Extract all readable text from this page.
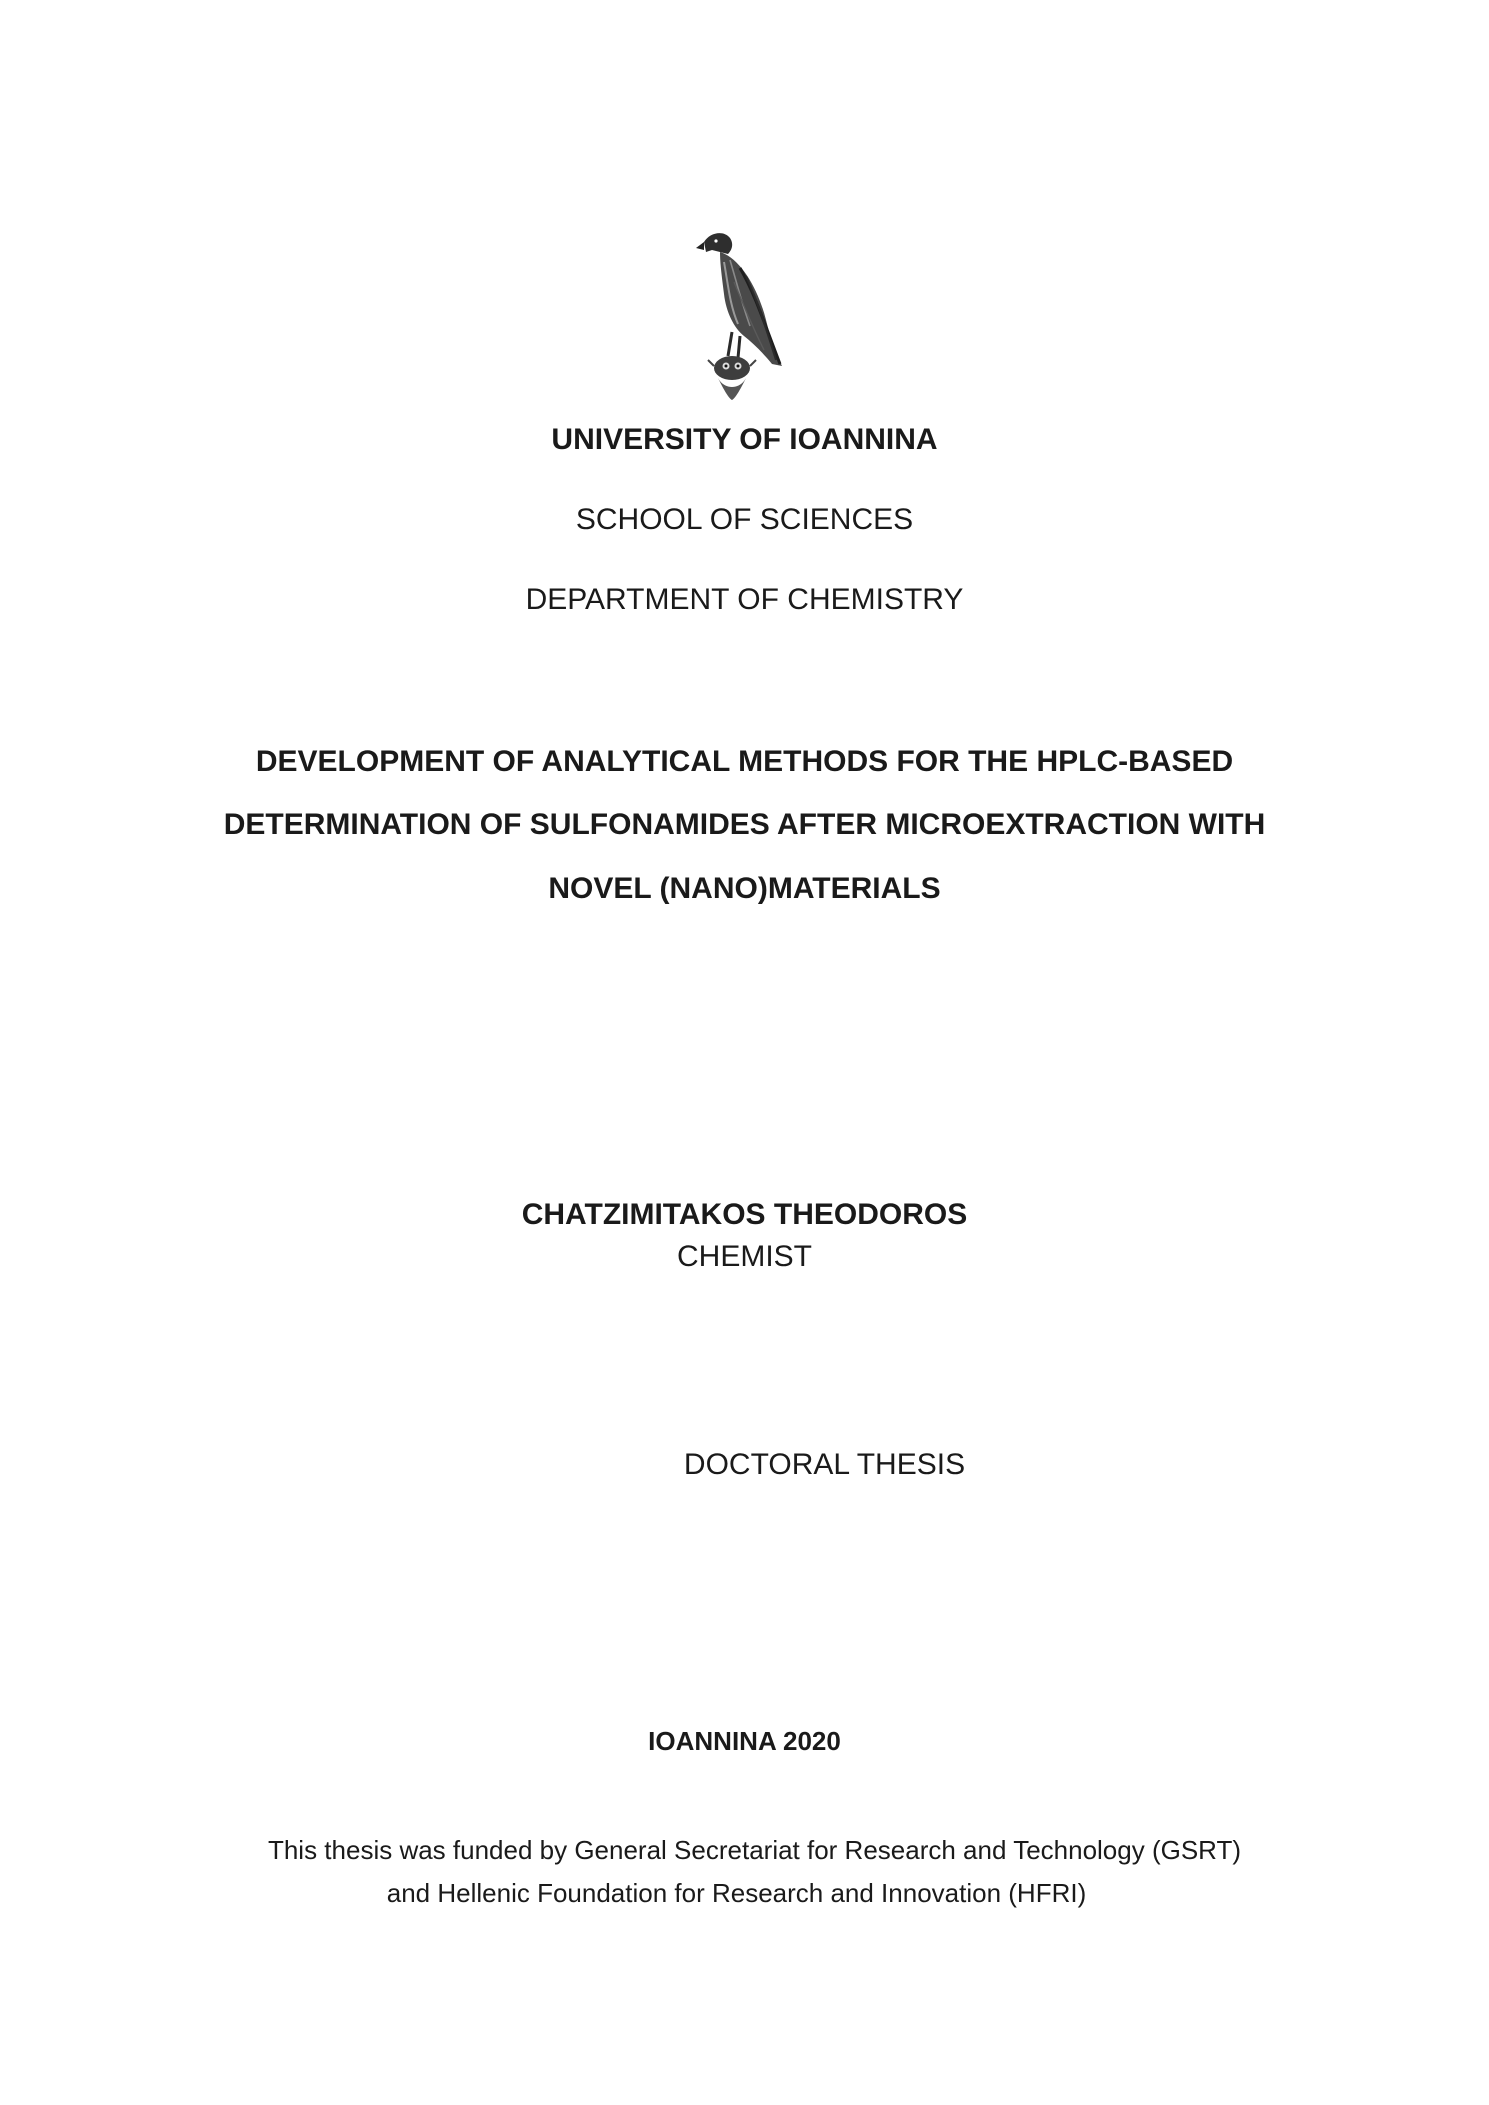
UNIVERSITY OF IOANNINA
SCHOOL OF SCIENCES
DEPARTMENT OF CHEMISTRY
DEVELOPMENT OF ANALYTICAL METHODS FOR THE HPLC-BASED
DETERMINATION OF SULFONAMIDES AFTER MICROEXTRACTION WITH
NOVEL (NANO)MATERIALS
CHATZIMITAKOS THEODOROS
CHEMIST
DOCTORAL THESIS
IOANNINA 2020
This thesis was funded by General Secretariat for Research and Technology (GSRT)
and Hellenic Foundation for Research and Innovation (HFRI)
